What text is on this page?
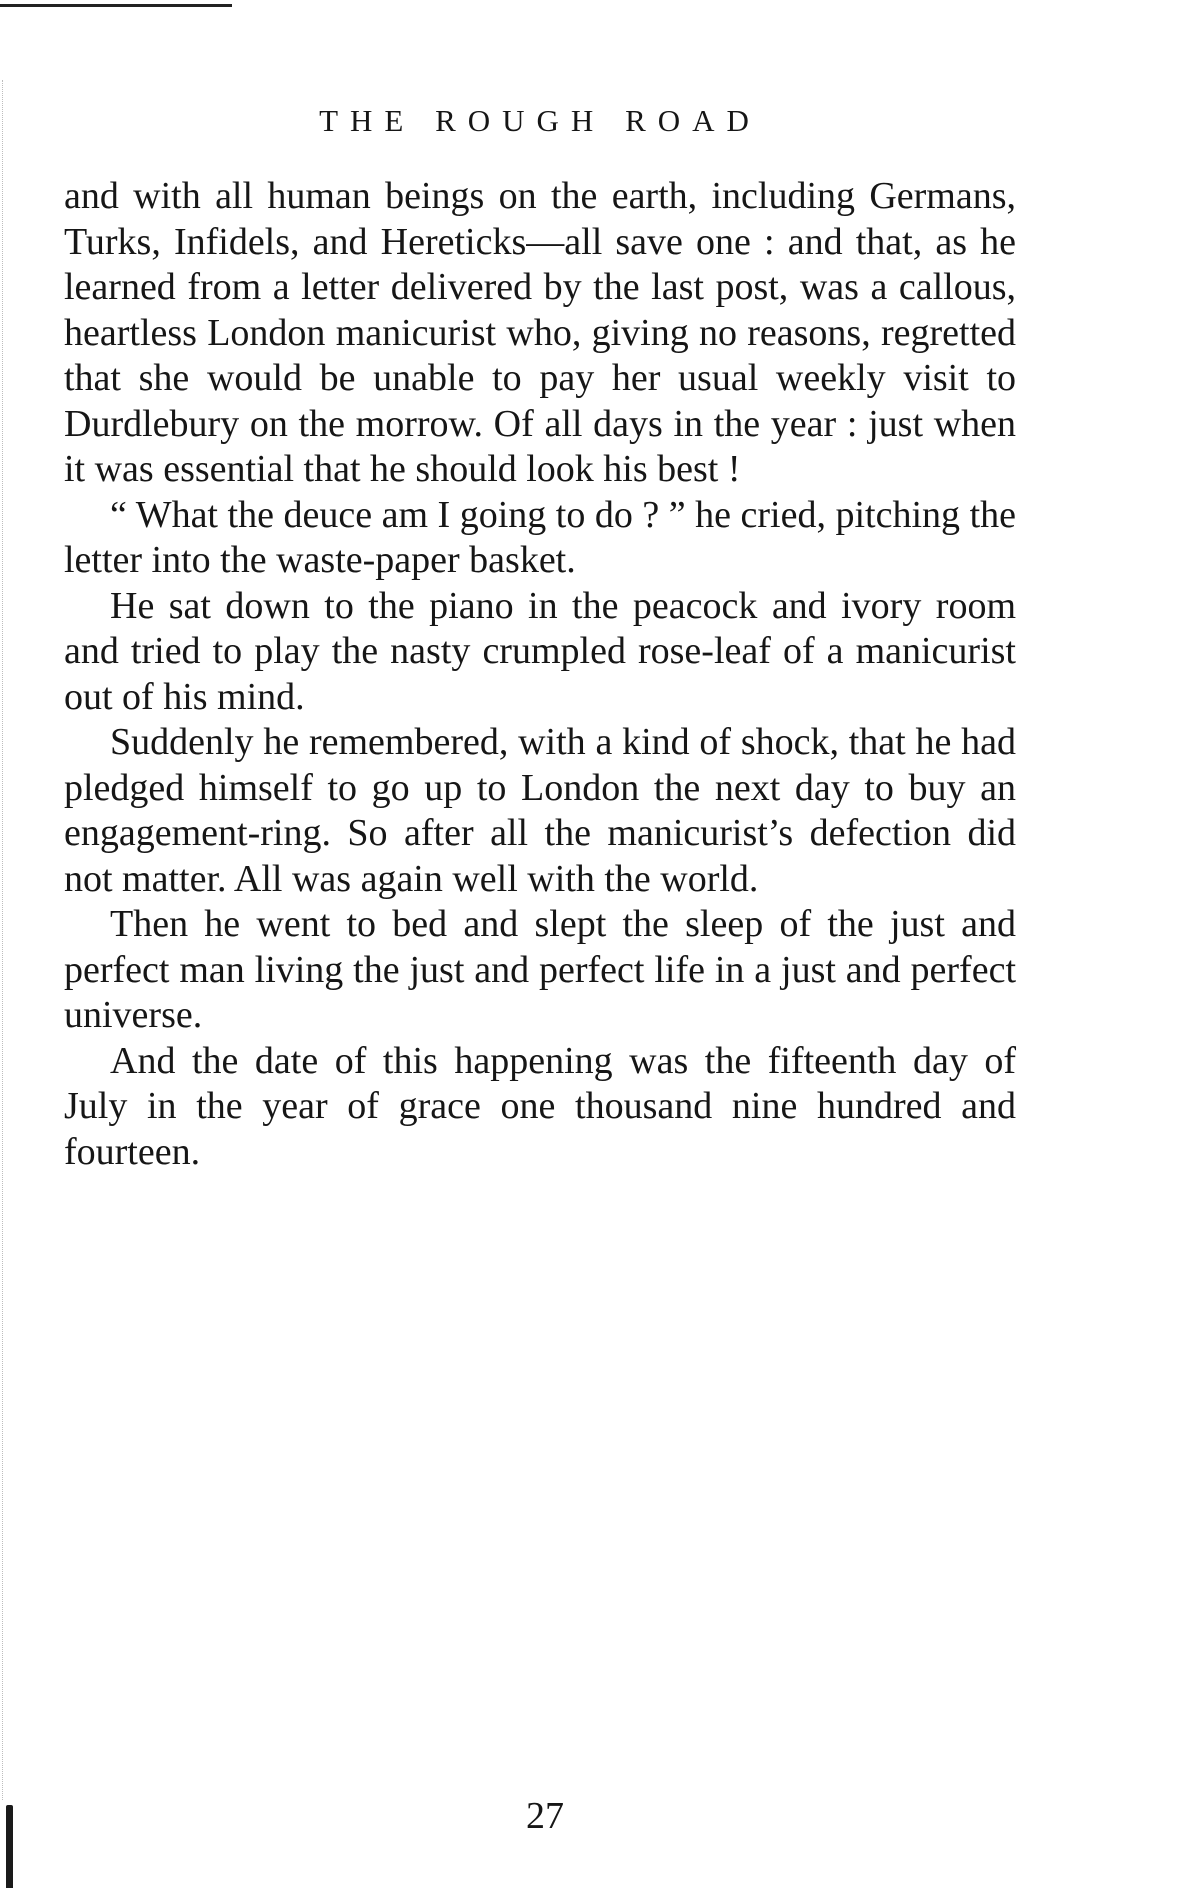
THE ROUGH ROAD

and with all human beings on the earth, including Germans, Turks, Infidels, and Hereticks—all save one : and that, as he learned from a letter delivered by the last post, was a callous, heartless London manicurist who, giving no reasons, regretted that she would be unable to pay her usual weekly visit to Durdlebury on the morrow. Of all days in the year : just when it was essential that he should look his best !

“ What the deuce am I going to do ? ” he cried, pitching the letter into the waste-paper basket.

He sat down to the piano in the peacock and ivory room and tried to play the nasty crumpled rose-leaf of a manicurist out of his mind.

Suddenly he remembered, with a kind of shock, that he had pledged himself to go up to London the next day to buy an engagement-ring. So after all the manicurist’s defection did not matter. All was again well with the world.

Then he went to bed and slept the sleep of the just and perfect man living the just and perfect life in a just and perfect universe.

And the date of this happening was the fifteenth day of July in the year of grace one thousand nine hundred and fourteen.

27
